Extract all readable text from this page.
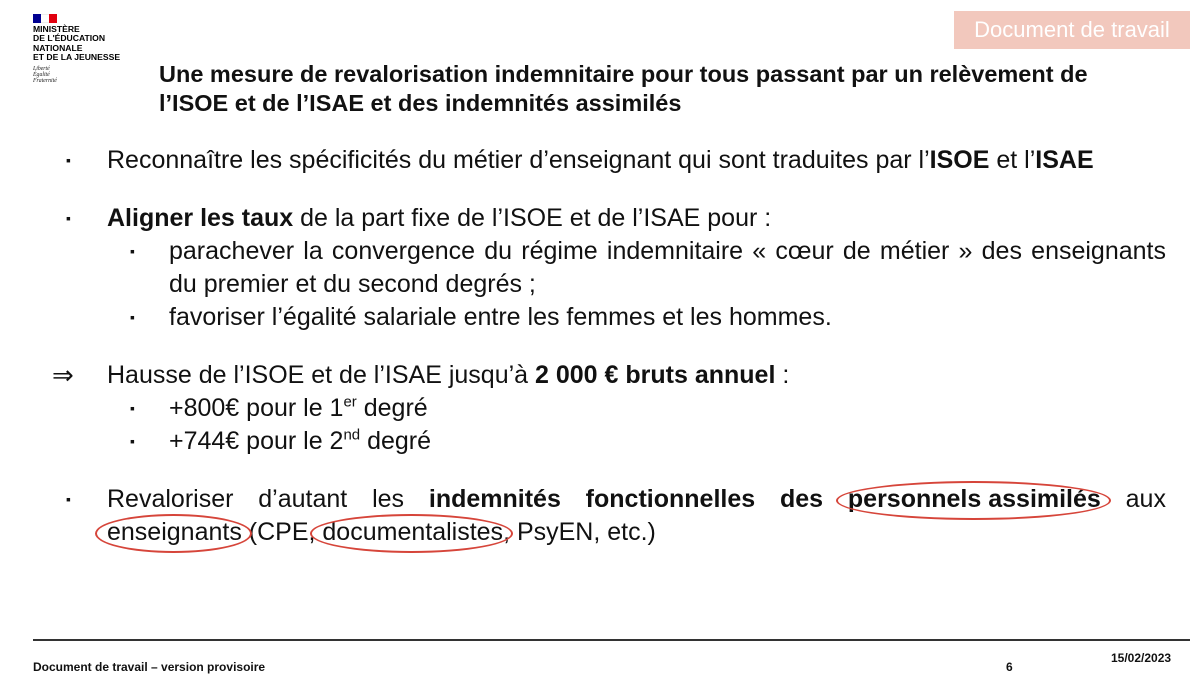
MINISTÈRE
DE L'ÉDUCATION
NATIONALE
ET DE LA JEUNESSE
Liberté
Égalité
Fraternité
Document de travail
Une mesure de revalorisation indemnitaire pour tous passant par un relèvement de l’ISOE et de l’ISAE et des indemnités assimilés
▪ Reconnaître les spécificités du métier d’enseignant qui sont traduites par l’ISOE et l’ISAE
▪ Aligner les taux de la part fixe de l’ISOE et de l’ISAE pour :
▪ parachever la convergence du régime indemnitaire « cœur de métier » des enseignants du premier et du second degrés ;
▪ favoriser l’égalité salariale entre les femmes et les hommes.
⇒ Hausse de l’ISOE et de l’ISAE jusqu’à 2 000 € bruts annuel :
▪ +800€ pour le 1er degré
▪ +744€ pour le 2nd degré
▪ Revaloriser d’autant les indemnités fonctionnelles des personnels assimilés aux enseignants (CPE, documentalistes, PsyEN, etc.)
Document de travail – version provisoire	6
15/02/2023
